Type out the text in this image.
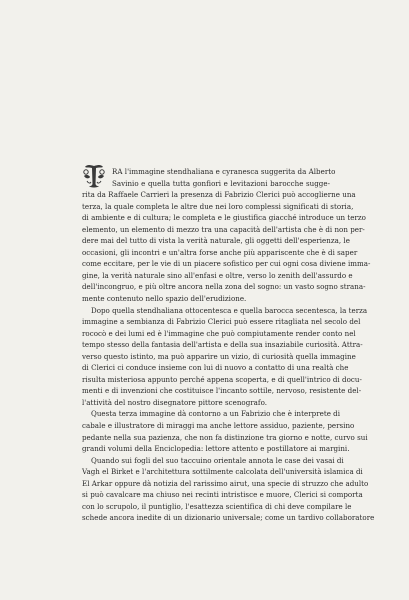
T
RA l'immagine stendhaliana e cyranesca suggerita da Alberto
Savinio e quella tutta gonfiori e levitazioni barocche sugge-
rita da Raffaele Carrieri la presenza di Fabrizio Clerici può accoglierne una
terza, la quale completa le altre due nei loro complessi significati di storia,
di ambiente e di cultura; le completa e le giustifica giacché introduce un terzo
elemento, un elemento di mezzo tra una capacità dell'artista che è di non per-
dere mai del tutto di vista la verità naturale, gli oggetti dell'esperienza, le
occasioni, gli incontri e un'altra forse anche più appariscente che è di saper
come eccitare, per le vie di un piacere sofistico per cui ogni cosa diviene imma-
gine, la verità naturale sino all'enfasi e oltre, verso lo zenith dell'assurdo e
dell'incongruo, e più oltre ancora nella zona del sogno: un vasto sogno strana-
mente contenuto nello spazio dell'erudizione.
Dopo quella stendhaliana ottocentesca e quella barocca secentesca, la terza
immagine a sembianza di Fabrizio Clerici può essere ritagliata nel secolo del
rococò e dei lumi ed è l'immagine che può compiutamente render conto nel
tempo stesso della fantasia dell'artista e della sua insaziabile curiosità. Attra-
verso questo istinto, ma può apparire un vizio, di curiosità quella immagine
di Clerici ci conduce insieme con lui di nuovo a contatto di una realtà che
risulta misteriosa appunto perché appena scoperta, e di quell'intrico di docu-
menti e di invenzioni che costituisce l'incanto sottile, nervoso, resistente del-
l'attività del nostro disegnatore pittore scenografo.
Questa terza immagine dà contorno a un Fabrizio che è interprete di
cabale e illustratore di miraggi ma anche lettore assiduo, paziente, persino
pedante nella sua pazienza, che non fa distinzione tra giorno e notte, curvo sui
grandi volumi della Enciclopedia: lettore attento e postillatore ai margini.
Quando sui fogli del suo taccuino orientale annota le case dei vasai di
Vagh el Birket e l'architettura sottilmente calcolata dell'università islamica di
El Arkar oppure dà notizia del rarissimo airut, una specie di struzzo che adulto
si può cavalcare ma chiuso nei recinti intristisce e muore, Clerici si comporta
con lo scrupolo, il puntiglio, l'esattezza scientifica di chi deve compilare le
schede ancora inedite di un dizionario universale; come un tardivo collaboratore
